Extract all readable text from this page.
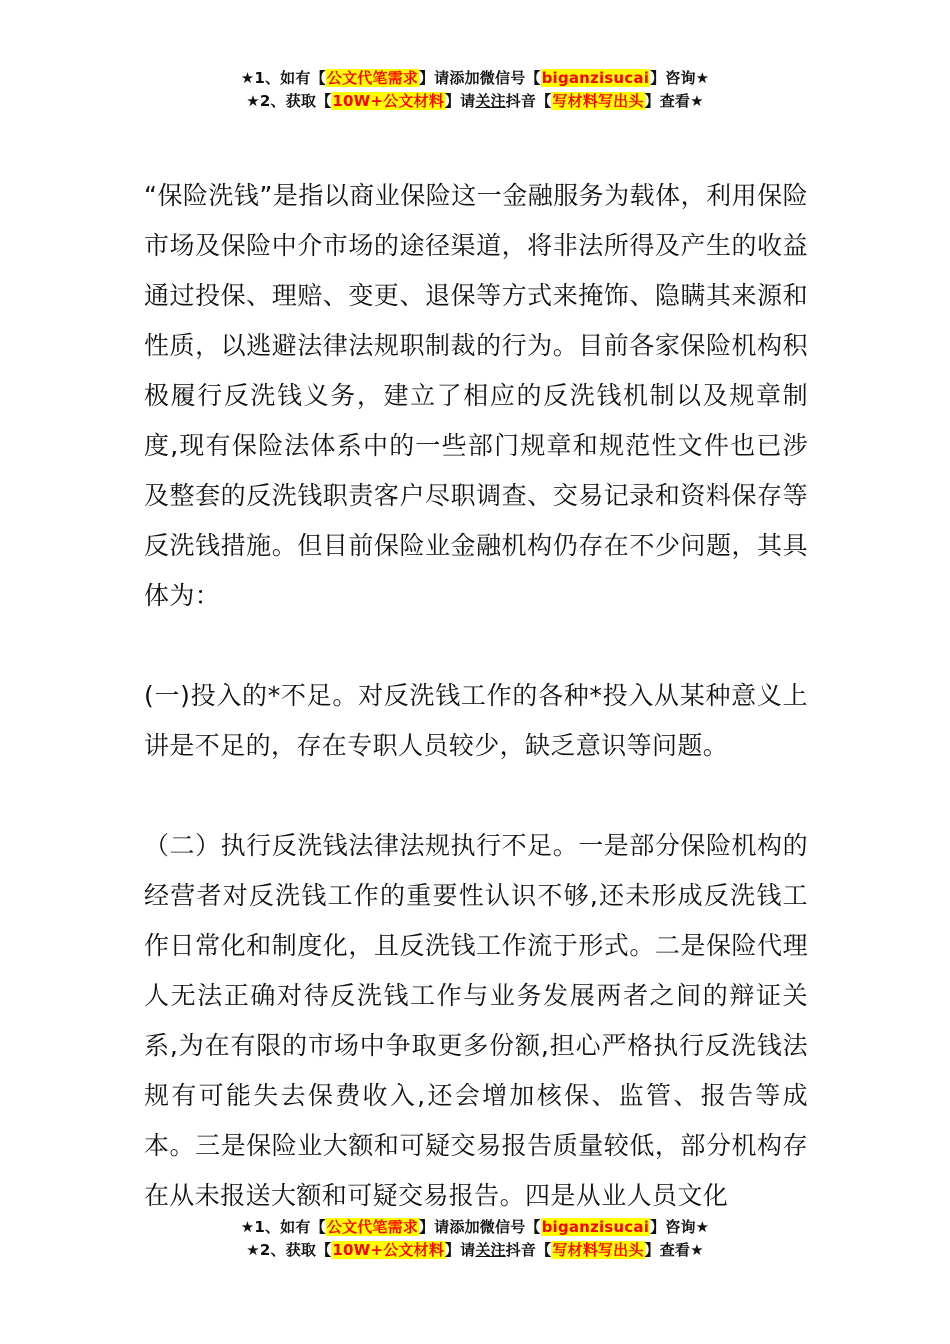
★1、如有【公文代笔需求】请添加微信号【biganzisucai】咨询★
★2、获取【10W+公文材料】请关注抖音【写材料写出头】查看★

“保险洗钱”是指以商业保险这一金融服务为载体，利用保险市场及保险中介市场的途径渠道，将非法所得及产生的收益通过投保、理赔、变更、退保等方式来掩饰、隐瞒其来源和性质，以逃避法律法规职制裁的行为。目前各家保险机构积极履行反洗钱义务，建立了相应的反洗钱机制以及规章制度,现有保险法体系中的一些部门规章和规范性文件也已涉及整套的反洗钱职责客户尽职调查、交易记录和资料保存等反洗钱措施。但目前保险业金融机构仍存在不少问题，其具体为：

(一)投入的*不足。对反洗钱工作的各种*投入从某种意义上讲是不足的，存在专职人员较少，缺乏意识等问题。

（二）执行反洗钱法律法规执行不足。一是部分保险机构的经营者对反洗钱工作的重要性认识不够,还未形成反洗钱工作日常化和制度化，且反洗钱工作流于形式。二是保险代理人无法正确对待反洗钱工作与业务发展两者之间的辩证关系,为在有限的市场中争取更多份额,担心严格执行反洗钱法规有可能失去保费收入,还会增加核保、监管、报告等成本。三是保险业大额和可疑交易报告质量较低，部分机构存在从未报送大额和可疑交易报告。四是从业人员文化

★1、如有【公文代笔需求】请添加微信号【biganzisucai】咨询★
★2、获取【10W+公文材料】请关注抖音【写材料写出头】查看★
